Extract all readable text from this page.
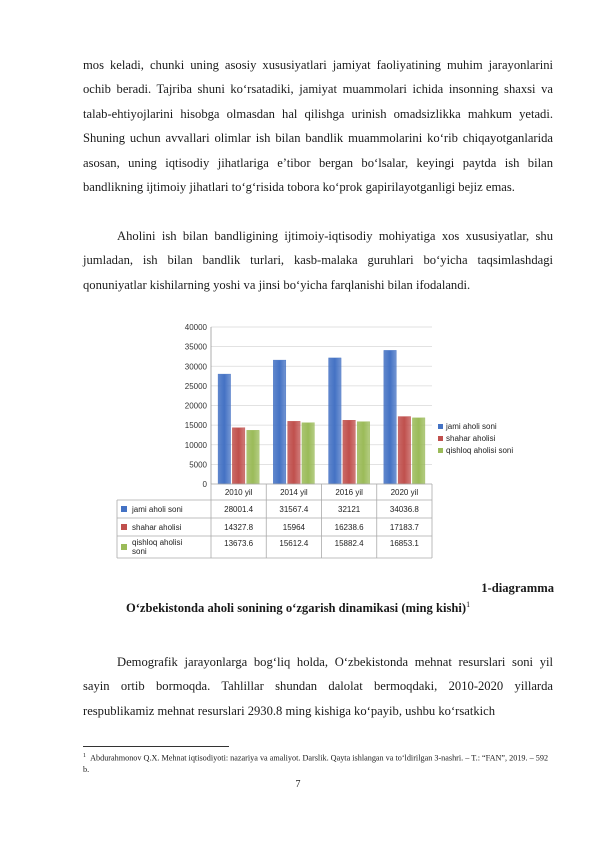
mos keladi, chunki uning asosiy xususiyatlari jamiyat faoliyatining muhim jarayonlarini ochib beradi. Tajriba shuni ko‘rsatadiki, jamiyat muammolari ichida insonning shaxsi va talab-ehtiyojlarini hisobga olmasdan hal qilishga urinish omadsizlikka mahkum yetadi. Shuning uchun avvallari olimlar ish bilan bandlik muammolarini ko‘rib chiqayotganlarida asosan, uning iqtisodiy jihatlariga e’tibor bergan bo‘lsalar, keyingi paytda ish bilan bandlikning ijtimoiy jihatlari to‘g‘risida tobora ko‘prok gapirilayotganligi bejiz emas.

Aholini ish bilan bandligining ijtimoiy-iqtisodiy mohiyatiga xos xususiyatlar, shu jumladan, ish bilan bandlik turlari, kasb-malaka guruhlari bo‘yicha taqsimlashdagi qonuniyatlar kishilarning yoshi va jinsi bo‘yicha farqlanishi bilan ifodalandi.

0
5000
10000
15000
20000
25000
30000
35000
40000
2010 yil	2014 yil	2016 yil	2020 yil
jami aholi soni	28001.4	31567.4	32121	34036.8
shahar aholisi	14327.8	15964	16238.6	17183.7
qishloq aholisi
soni
13673.6	15612.4	15882.4	16853.1
jami aholi soni
shahar aholisi
qishloq aholisi soni

1-diagramma

O‘zbekistonda aholi sonining o‘zgarish dinamikasi (ming kishi)$^1$

Demografik jarayonlarga bog‘liq holda, O‘zbekistonda mehnat resurslari soni yil sayin ortib bormoqda. Tahlillar shundan dalolat bermoqdaki, 2010-2020 yillarda respublikamiz mehnat resurslari 2930.8 ming kishiga ko‘payib, ushbu ko‘rsatkich

$^1$ Abdurahmonov Q.X. Mehnat iqtisodiyoti: nazariya va amaliyot. Darslik. Qayta ishlangan va to‘ldirilgan 3-nashri. – T.: “FAN”, 2019. – 592 b.

7
